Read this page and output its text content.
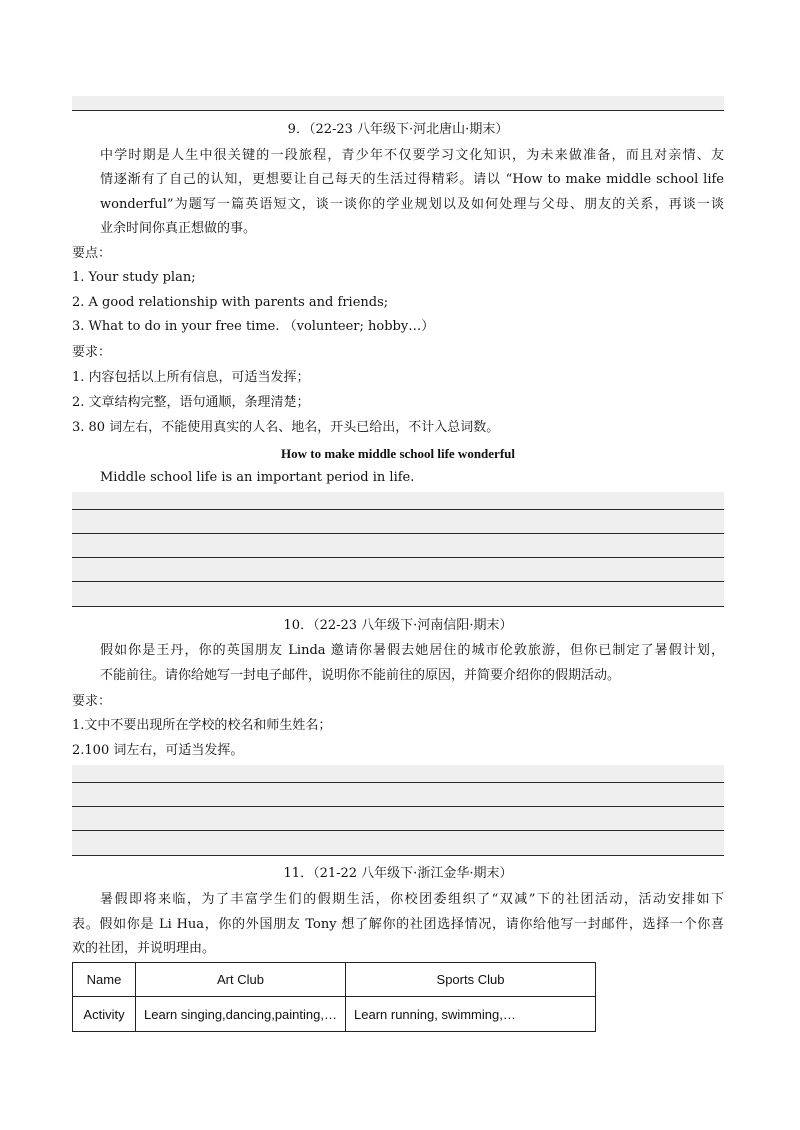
9．（22-23 八年级下·河北唐山·期末）
中学时期是人生中很关键的一段旅程，青少年不仅要学习文化知识，为未来做准备，而且对亲情、友
情逐渐有了自己的认知，更想要让自己每天的生活过得精彩。请以 “How to make middle school life
wonderful”为题写一篇英语短文，谈一谈你的学业规划以及如何处理与父母、朋友的关系，再谈一谈
业余时间你真正想做的事。
要点：
1. Your study plan;
2. A good relationship with parents and friends;
3. What to do in your free time. （volunteer; hobby…）
要求：
1. 内容包括以上所有信息，可适当发挥；
2. 文章结构完整，语句通顺，条理清楚；
3. 80 词左右，不能使用真实的人名、地名，开头已给出，不计入总词数。
How to make middle school life wonderful
Middle school life is an important period in life.
10．（22-23 八年级下·河南信阳·期末）
假如你是王丹，你的英国朋友 Linda 邀请你暑假去她居住的城市伦敦旅游，但你已制定了暑假计划，
不能前往。请你给她写一封电子邮件，说明你不能前往的原因，并简要介绍你的假期活动。
要求：
1.文中不要出现所在学校的校名和师生姓名；
2.100 词左右，可适当发挥。
11．（21-22 八年级下·浙江金华·期末）
暑假即将来临，为了丰富学生们的假期生活，你校团委组织了“双减”下的社团活动，活动安排如下
表。假如你是 Li Hua，你的外国朋友 Tony 想了解你的社团选择情况，请你给他写一封邮件，选择一个你喜
欢的社团，并说明理由。
Name	Art Club	Sports Club
Activity	Learn singing,dancing,painting,…	Learn running, swimming,…
